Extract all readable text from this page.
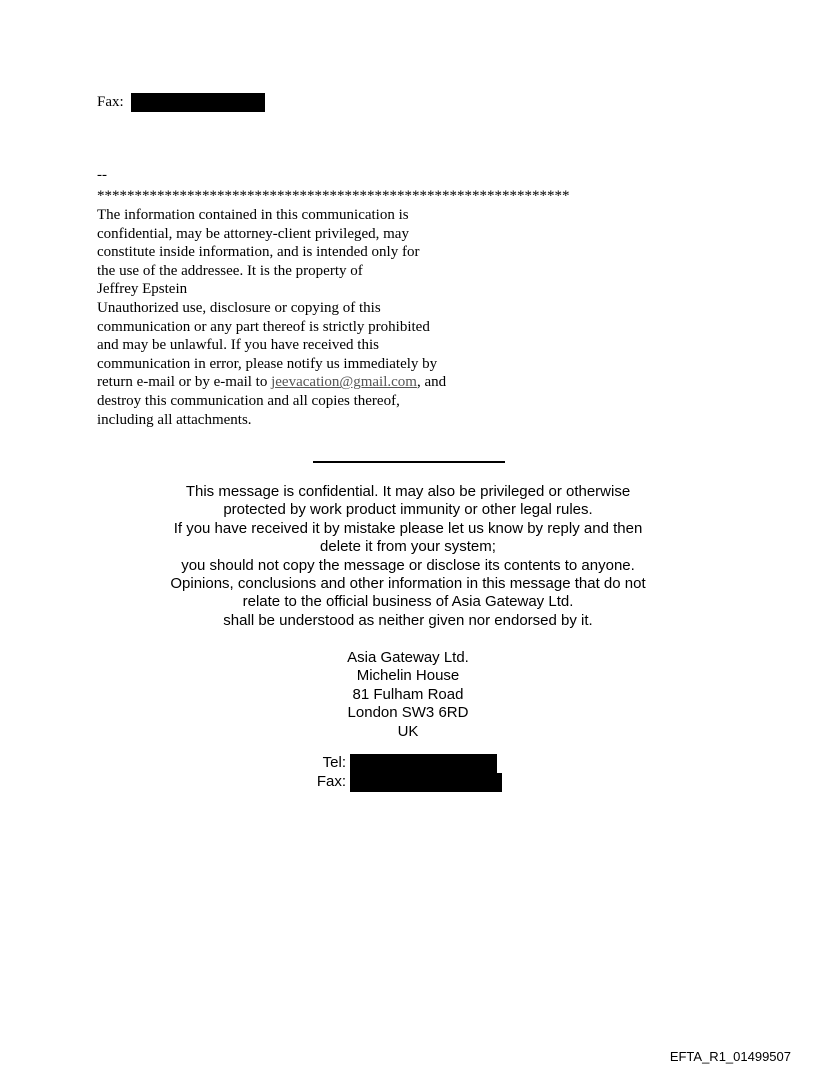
Fax:
--
***************************************************************
The information contained in this communication is
confidential, may be attorney-client privileged, may
constitute inside information, and is intended only for
the use of the addressee. It is the property of
Jeffrey Epstein
Unauthorized use, disclosure or copying of this
communication or any part thereof is strictly prohibited
and may be unlawful. If you have received this
communication in error, please notify us immediately by
return e-mail or by e-mail to jeevacation@gmail.com, and
destroy this communication and all copies thereof,
including all attachments.
This message is confidential. It may also be privileged or otherwise
protected by work product immunity or other legal rules.
If you have received it by mistake please let us know by reply and then
delete it from your system;
you should not copy the message or disclose its contents to anyone.
Opinions, conclusions and other information in this message that do not
relate to the official business of Asia Gateway Ltd.
shall be understood as neither given nor endorsed by it.
Asia Gateway Ltd.
Michelin House
81 Fulham Road
London SW3 6RD
UK
Tel:
Fax:
EFTA_R1_01499507
